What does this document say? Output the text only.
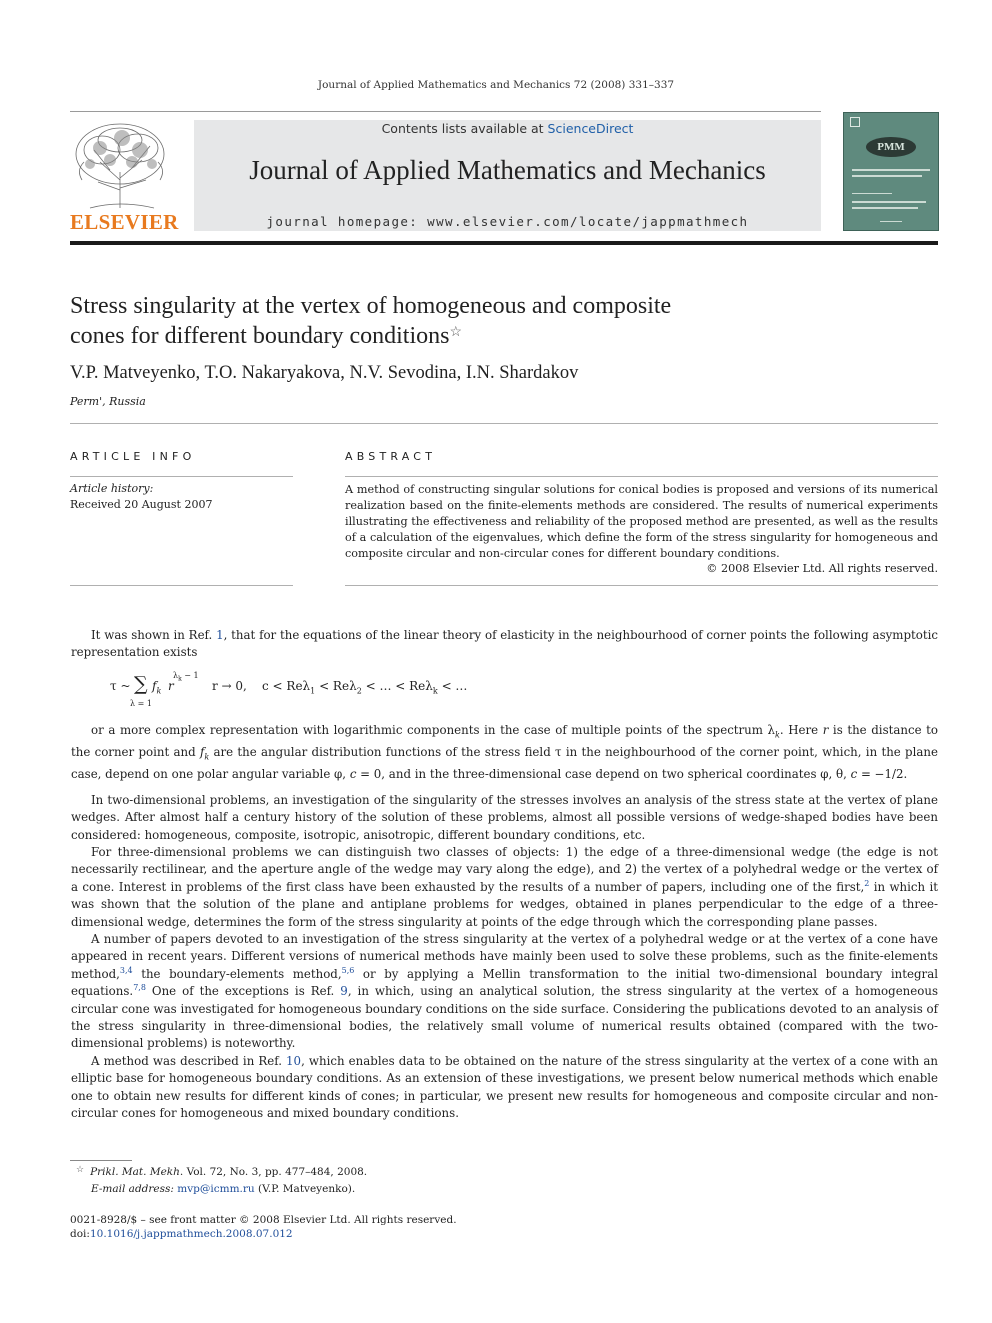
Journal of Applied Mathematics and Mechanics 72 (2008) 331–337
ELSEVIER
Contents lists available at ScienceDirect
Journal of Applied Mathematics and Mechanics
journal homepage: www.elsevier.com/locate/jappmathmech
PMM
Stress singularity at the vertex of homogeneous and composite
cones for different boundary conditions☆
V.P. Matveyenko, T.O. Nakaryakova, N.V. Sevodina, I.N. Shardakov
Perm', Russia
ARTICLE INFO
Article history:
Received 20 August 2007
ABSTRACT
A method of constructing singular solutions for conical bodies is proposed and versions of its numerical realization based on the finite-elements methods are considered. The results of numerical experiments illustrating the effectiveness and reliability of the proposed method are presented, as well as the results of a calculation of the eigenvalues, which define the form of the stress singularity for homogeneous and composite circular and non-circular cones for different boundary conditions.
© 2008 Elsevier Ltd. All rights reserved.
It was shown in Ref. 1, that for the equations of the linear theory of elasticity in the neighbourhood of corner points the following asymptotic representation exists
τ ~ ∑
λ = 1
$f_k$ r
$\lambda_k - 1$
r → 0, c < Reλ$_1$ < Reλ$_2$ < … < Reλ$_k$ < …
or a more complex representation with logarithmic components in the case of multiple points of the spectrum $\lambda_k$. Here r is the distance to the corner point and $f_k$ are the angular distribution functions of the stress field τ in the neighbourhood of the corner point, which, in the plane case, depend on one polar angular variable φ, c = 0, and in the three-dimensional case depend on two spherical coordinates φ, θ, c = −1/2.
In two-dimensional problems, an investigation of the singularity of the stresses involves an analysis of the stress state at the vertex of plane wedges. After almost half a century history of the solution of these problems, almost all possible versions of wedge-shaped bodies have been considered: homogeneous, composite, isotropic, anisotropic, different boundary conditions, etc.
For three-dimensional problems we can distinguish two classes of objects: 1) the edge of a three-dimensional wedge (the edge is not necessarily rectilinear, and the aperture angle of the wedge may vary along the edge), and 2) the vertex of a polyhedral wedge or the vertex of a cone. Interest in problems of the first class have been exhausted by the results of a number of papers, including one of the first,$^2$ in which it was shown that the solution of the plane and antiplane problems for wedges, obtained in planes perpendicular to the edge of a three-dimensional wedge, determines the form of the stress singularity at points of the edge through which the corresponding plane passes.
A number of papers devoted to an investigation of the stress singularity at the vertex of a polyhedral wedge or at the vertex of a cone have appeared in recent years. Different versions of numerical methods have mainly been used to solve these problems, such as the finite-elements method,$^{3,4}$ the boundary-elements method,$^{5,6}$ or by applying a Mellin transformation to the initial two-dimensional boundary integral equations.$^{7,8}$ One of the exceptions is Ref. 9, in which, using an analytical solution, the stress singularity at the vertex of a homogeneous circular cone was investigated for homogeneous boundary conditions on the side surface. Considering the publications devoted to an analysis of the stress singularity in three-dimensional bodies, the relatively small volume of numerical results obtained (compared with the two-dimensional problems) is noteworthy.
A method was described in Ref. 10, which enables data to be obtained on the nature of the stress singularity at the vertex of a cone with an elliptic base for homogeneous boundary conditions. As an extension of these investigations, we present below numerical methods which enable one to obtain new results for different kinds of cones; in particular, we present new results for homogeneous and composite circular and non-circular cones for homogeneous and mixed boundary conditions.
☆ Prikl. Mat. Mekh. Vol. 72, No. 3, pp. 477–484, 2008.
E-mail address: mvp@icmm.ru (V.P. Matveyenko).
0021-8928/$ – see front matter © 2008 Elsevier Ltd. All rights reserved.
doi:10.1016/j.jappmathmech.2008.07.012
